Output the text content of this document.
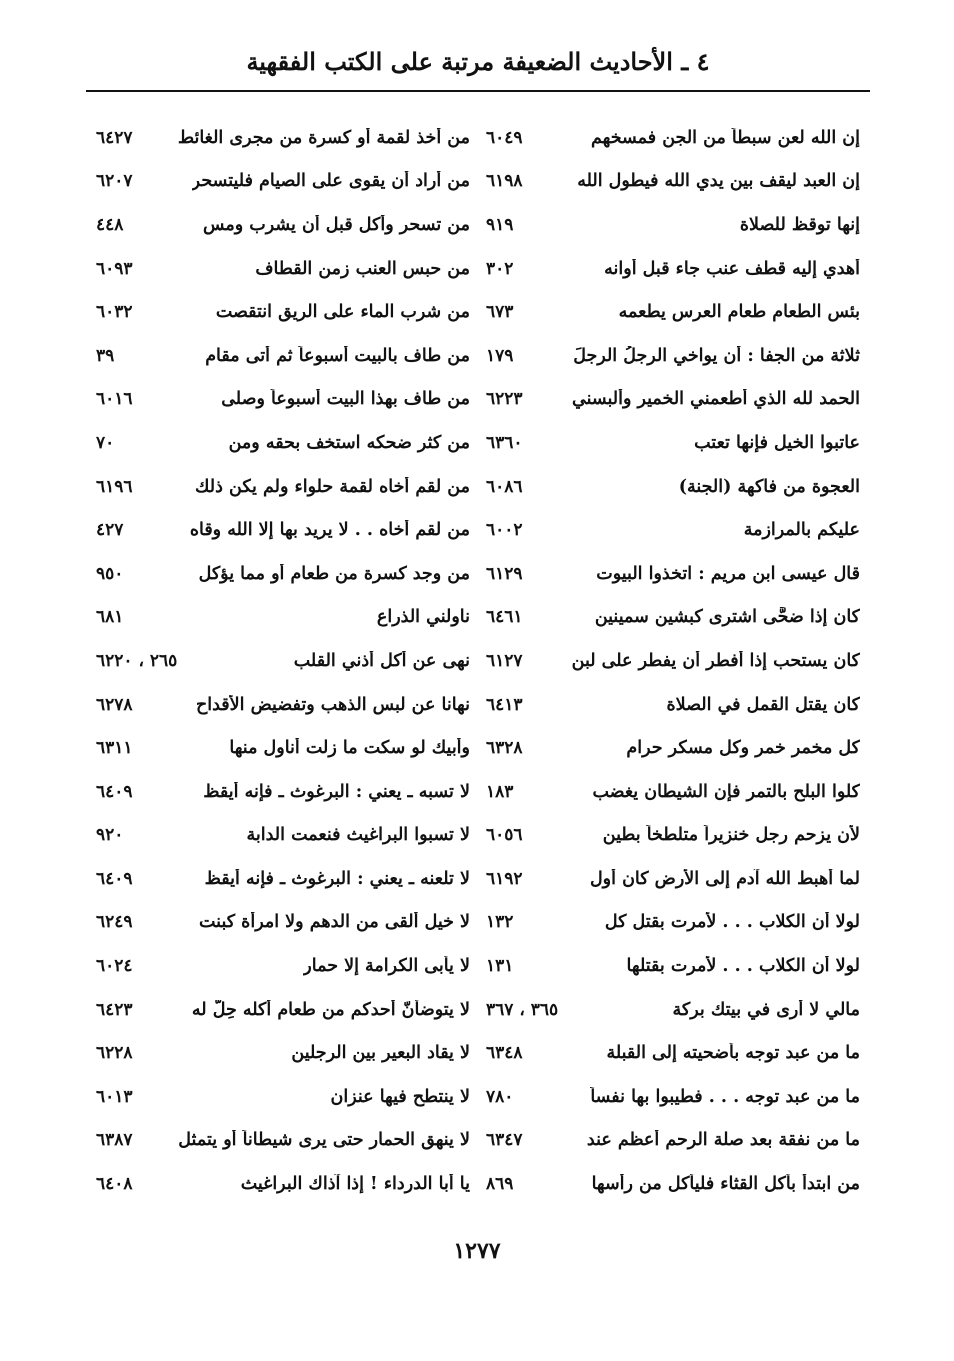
٤ ـ الأحاديث الضعيفة مرتبة على الكتب الفقهية
إن الله لعن سبطاً من الجن فمسخهم
٦٠٤٩
إن العبد ليقف بين يدي الله فيطول الله
٦١٩٨
إنها توقظ للصلاة
٩١٩
أهدي إليه قطف عنب جاء قبل أوانه
٣٠٢
بئس الطعام طعام العرس يطعمه
٦٧٣
ثلاثة من الجفا : أن يواخي الرجلُ الرجلَ
١٧٩
الحمد لله الذي أطعمني الخمير وألبسني
٦٢٢٣
عاتبوا الخيل فإنها تعتب
٦٣٦٠
العجوة من فاكهة (الجنة)
٦٠٨٦
عليكم بالمرازمة
٦٠٠٢
قال عيسى ابن مريم : اتخذوا البيوت
٦١٢٩
كان إذا ضحَّى اشترى كبشين سمينين
٦٤٦١
كان يستحب إذا أفطر أن يفطر على لبن
٦١٢٧
كان يقتل القمل في الصلاة
٦٤١٣
كل مخمر خمر وكل مسكر حرام
٦٣٢٨
كلوا البلح بالتمر فإن الشيطان يغضب
١٨٣
لأن يزحم رجل خنزيراً متلطخاً بطين
٦٠٥٦
لما أهبط الله آدم إلى الأرض كان أول
٦١٩٢
لولا أن الكلاب . . . لأمرت بقتل كل
١٣٢
لولا أن الكلاب . . . لأمرت بقتلها
١٣١
مالي لا أرى في بيتك بركة
٣٦٥ ، ٣٦٧
ما من عبد توجه بأضحيته إلى القبلة
٦٣٤٨
ما من عبد توجه . . . فطيبوا بها نفساً
٧٨٠
ما من نفقة بعد صلة الرحم أعظم عند
٦٣٤٧
من ابتدأ بأكل القثاء فليأكل من رأسها
٨٦٩
من أخذ لقمة أو كسرة من مجرى الغائط
٦٤٢٧
من أراد أن يقوى على الصيام فليتسحر
٦٢٠٧
من تسحر وأكل قبل أن يشرب ومس
٤٤٨
من حبس العنب زمن القطاف
٦٠٩٣
من شرب الماء على الريق انتقصت
٦٠٣٢
من طاف بالبيت أسبوعاً ثم أتى مقام
٣٩
من طاف بهذا البيت أسبوعاً وصلى
٦٠١٦
من كثر ضحكه استخف بحقه ومن
٧٠
من لقم أخاه لقمة حلواء ولم يكن ذلك
٦١٩٦
من لقم أخاه . . لا يريد بها إلا الله وقاه
٤٢٧
من وجد كسرة من طعام أو مما يؤكل
٩٥٠
ناولني الذراع
٦٨١
نهى عن أكل أذني القلب
٢٦٥ ، ٦٢٢٠
نهانا عن لبس الذهب وتفضيض الأقداح
٦٢٧٨
وأبيك لو سكت ما زلت أناول منها
٦٣١١
لا تسبه ـ يعني : البرغوث ـ فإنه أيقظ
٦٤٠٩
لا تسبوا البراغيث فنعمت الدابة
٩٢٠
لا تلعنه ـ يعني : البرغوث ـ فإنه أيقظ
٦٤٠٩
لا خيل ألقى من الدهم ولا امرأة كبنت
٦٢٤٩
لا يأبى الكرامة إلا حمار
٦٠٢٤
لا يتوضأنّ أحدكم من طعام أكله حِلٌّ له
٦٤٢٣
لا يقاد البعير بين الرجلين
٦٢٢٨
لا ينتطح فيها عنزان
٦٠١٣
لا ينهق الحمار حتى يرى شيطاناً أو يتمثل
٦٣٨٧
يا أبا الدرداء ! إذا آذاك البراغيث
٦٤٠٨
١٢٧٧
